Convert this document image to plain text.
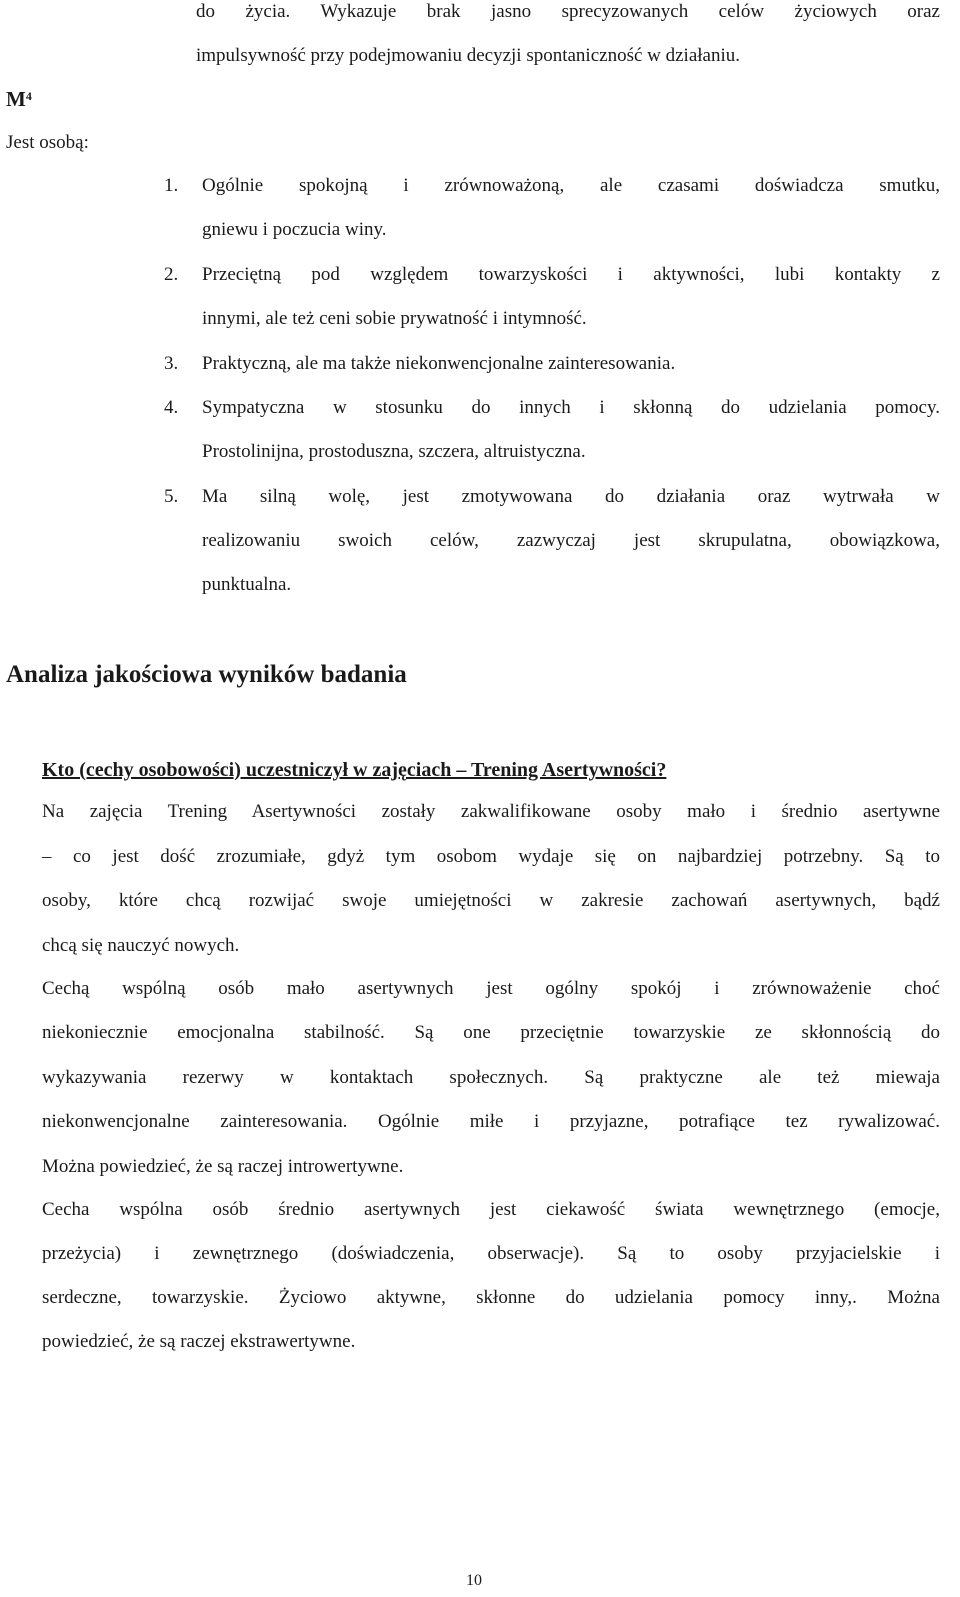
do życia. Wykazuje brak jasno sprecyzowanych celów życiowych oraz
impulsywność przy podejmowaniu decyzji spontaniczność w działaniu.
$M^4$
Jest osobą:
1. Ogólnie spokojną i zrównoważoną, ale czasami doświadcza smutku,
gniewu i poczucia winy.
2. Przeciętną pod względem towarzyskości i aktywności, lubi kontakty z
innymi, ale też ceni sobie prywatność i intymność.
3. Praktyczną, ale ma także niekonwencjonalne zainteresowania.
4. Sympatyczna w stosunku do innych i skłonną do udzielania pomocy.
Prostolinijna, prostoduszna, szczera, altruistyczna.
5. Ma silną wolę, jest zmotywowana do działania oraz wytrwała w
realizowaniu swoich celów, zazwyczaj jest skrupulatna, obowiązkowa,
punktualna.
Analiza jakościowa wyników badania
Kto (cechy osobowości) uczestniczył w zajęciach – Trening Asertywności?
Na zajęcia Trening Asertywności zostały zakwalifikowane osoby mało i średnio asertywne
– co jest dość zrozumiałe, gdyż tym osobom wydaje się on najbardziej potrzebny. Są to
osoby, które chcą rozwijać swoje umiejętności w zakresie zachowań asertywnych, bądź
chcą się nauczyć nowych.
Cechą wspólną osób mało asertywnych jest ogólny spokój i zrównoważenie choć
niekoniecznie emocjonalna stabilność. Są one przeciętnie towarzyskie ze skłonnością do
wykazywania rezerwy w kontaktach społecznych. Są praktyczne ale też miewaja
niekonwencjonalne zainteresowania. Ogólnie miłe i przyjazne, potrafiące tez rywalizować.
Można powiedzieć, że są raczej introwertywne.
Cecha wspólna osób średnio asertywnych jest ciekawość świata wewnętrznego (emocje,
przeżycia) i zewnętrznego (doświadczenia, obserwacje). Są to osoby przyjacielskie i
serdeczne, towarzyskie. Życiowo aktywne, skłonne do udzielania pomocy inny,. Można
powiedzieć, że są raczej ekstrawertywne.
10
